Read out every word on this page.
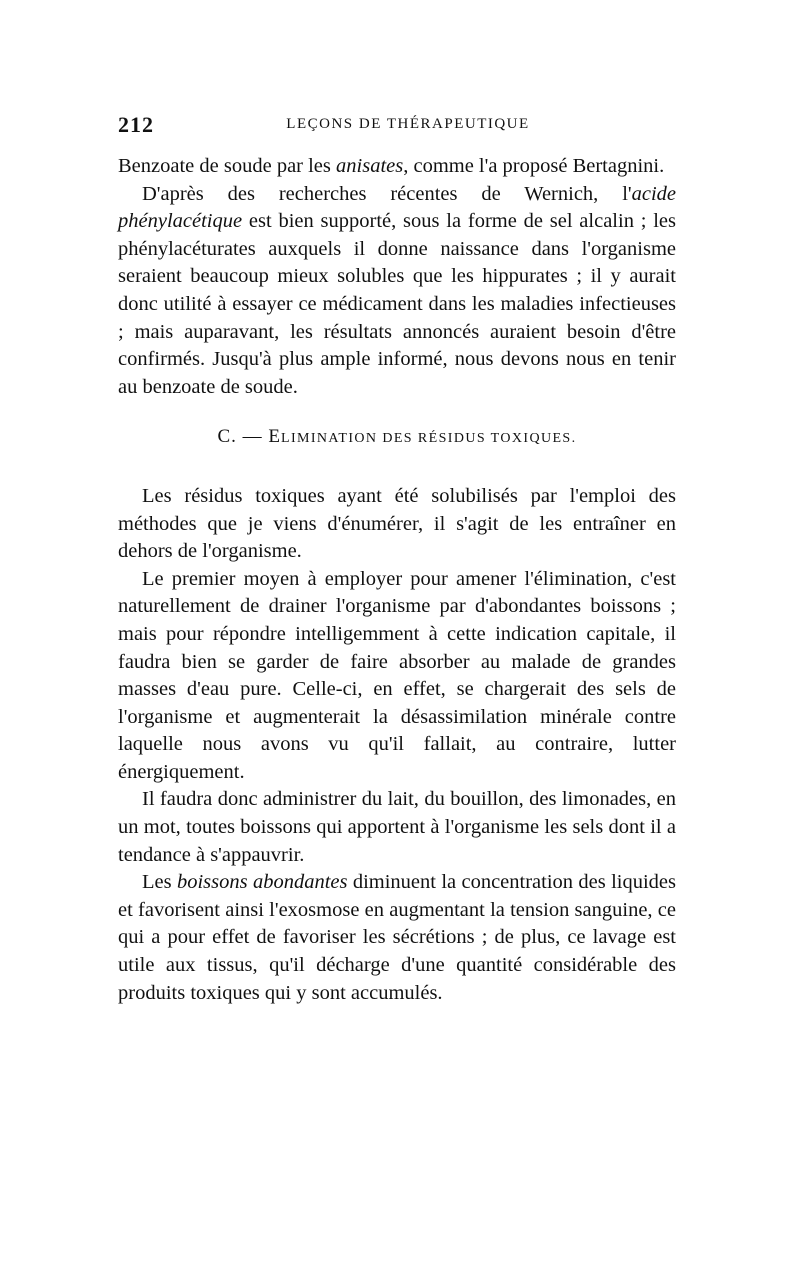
212	LEÇONS DE THÉRAPEUTIQUE

Benzoate de soude par les anisates, comme l'a proposé Bertagnini.

D'après des recherches récentes de Wernich, l'acide phénylacétique est bien supporté, sous la forme de sel alcalin ; les phénylacéturates auxquels il donne naissance dans l'organisme seraient beaucoup mieux solubles que les hippurates ; il y aurait donc utilité à essayer ce médicament dans les maladies infectieuses ; mais auparavant, les résultats annoncés auraient besoin d'être confirmés. Jusqu'à plus ample informé, nous devons nous en tenir au benzoate de soude.

C. — ELIMINATION DES RÉSIDUS TOXIQUES.

Les résidus toxiques ayant été solubilisés par l'emploi des méthodes que je viens d'énumérer, il s'agit de les entraîner en dehors de l'organisme.

Le premier moyen à employer pour amener l'élimination, c'est naturellement de drainer l'organisme par d'abondantes boissons ; mais pour répondre intelligemment à cette indication capitale, il faudra bien se garder de faire absorber au malade de grandes masses d'eau pure. Celle-ci, en effet, se chargerait des sels de l'organisme et augmenterait la désassimilation minérale contre laquelle nous avons vu qu'il fallait, au contraire, lutter énergiquement.

Il faudra donc administrer du lait, du bouillon, des limonades, en un mot, toutes boissons qui apportent à l'organisme les sels dont il a tendance à s'appauvrir.

Les boissons abondantes diminuent la concentration des liquides et favorisent ainsi l'exosmose en augmentant la tension sanguine, ce qui a pour effet de favoriser les sécrétions ; de plus, ce lavage est utile aux tissus, qu'il décharge d'une quantité considérable des produits toxiques qui y sont accumulés.
